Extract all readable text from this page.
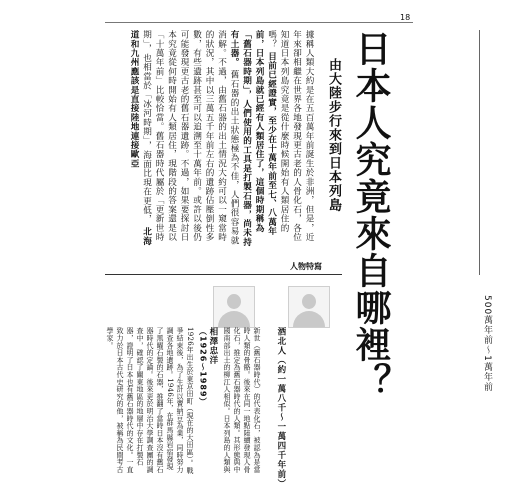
18
日本人究竟來自哪裡？
由大陸步行來到日本列島
據稱人類大約是在五百萬年前誕生於非洲，但是，近年來卻相繼在世界各地發現更古老的人骨化石，各位知道日本列島究竟是從什麼時候開始有人類居住的嗎？ 目前已經證實，至少在十萬年前至七、八萬年前，日本列島就已經有人類居住了，這個時期稱為「舊石器時期」，人們使用的工具是打製石器，尚未持有土器。 舊石器的出土狀態極為不佳，人們很容易就消解。不過，由舊石器的出土情況大約可以一窺當時的狀況，其中以三萬五千年前左右的遺跡佔壓倒性多數，有些遺跡甚至可以追溯至十萬年前。或許以後仍可能發現更古老的舊石器遺跡。不過，如果要探討日本究竟從何時開始有人類居住，現階段的答案還是以「十萬年前」比較恰當。舊石器時代屬於「更新世時期」，也相當於「冰河時期」，海面比現在更低， 北海道和九州應該是直接陸地連接歐亞
人物特寫
酒北人（約一萬八千～一萬四千年前）
新世（舊石器時代）的代表化石，被認為是當時人類的骨骼。後來在同一地點陸續發現人骨化石，推定為舊石器時代的人類。其形態與中國南部出土的柳江人相似。日本列島的人類與
相澤忠洋
（1926～1989）
1926年出生於東京田町（現在的大田區）。戰爭結束後，為了生計以賣納豆為業，同時努力調查各地遺跡。1946年，在群馬縣岩宿發現了黑曜石製的石器，推翻了當時日本沒有舊石器時代的定論。後來更於明治大學調查團的調查中，確認了關東地區的地層中存在打製石器，證明了日本也有舊石器時代的文化。一直致力於日本古代史研究的他，被稱為民間考古學家。	500萬年前～1萬年前
